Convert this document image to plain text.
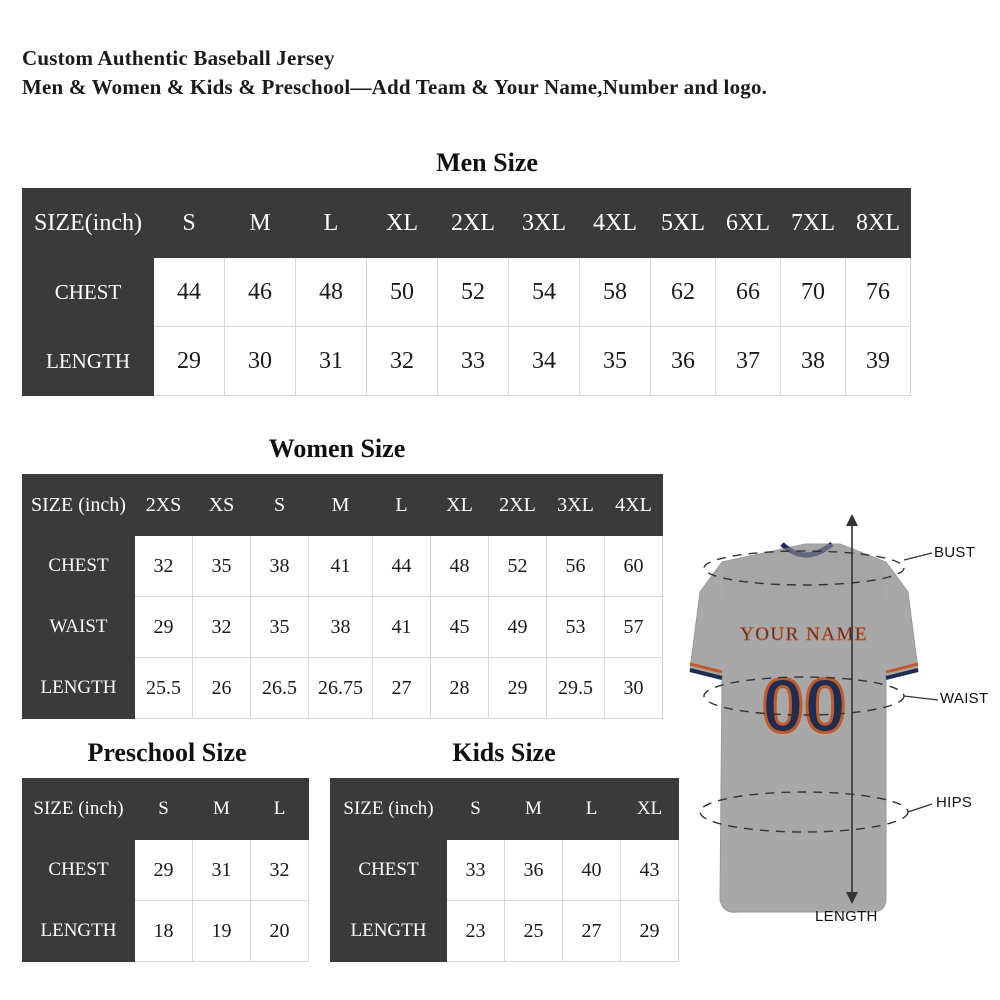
Custom Authentic Baseball Jersey
Men & Women & Kids & Preschool—Add Team & Your Name,Number and logo.
Men Size
SIZE(inch)	S	M	L	XL	2XL	3XL	4XL	5XL	6XL	7XL	8XL
CHEST	44	46	48	50	52	54	58	62	66	70	76
LENGTH	29	30	31	32	33	34	35	36	37	38	39
Women Size
SIZE (inch)	2XS	XS	S	M	L	XL	2XL	3XL	4XL
CHEST	32	35	38	41	44	48	52	56	60
WAIST	29	32	35	38	41	45	49	53	57
LENGTH	25.5	26	26.5	26.75	27	28	29	29.5	30
Preschool Size
SIZE (inch)	S	M	L
CHEST	29	31	32
LENGTH	18	19	20
Kids Size
SIZE (inch)	S	M	L	XL
CHEST	33	36	40	43
LENGTH	23	25	27	29
YOUR NAME
00
BUST
WAIST
HIPS
LENGTH
